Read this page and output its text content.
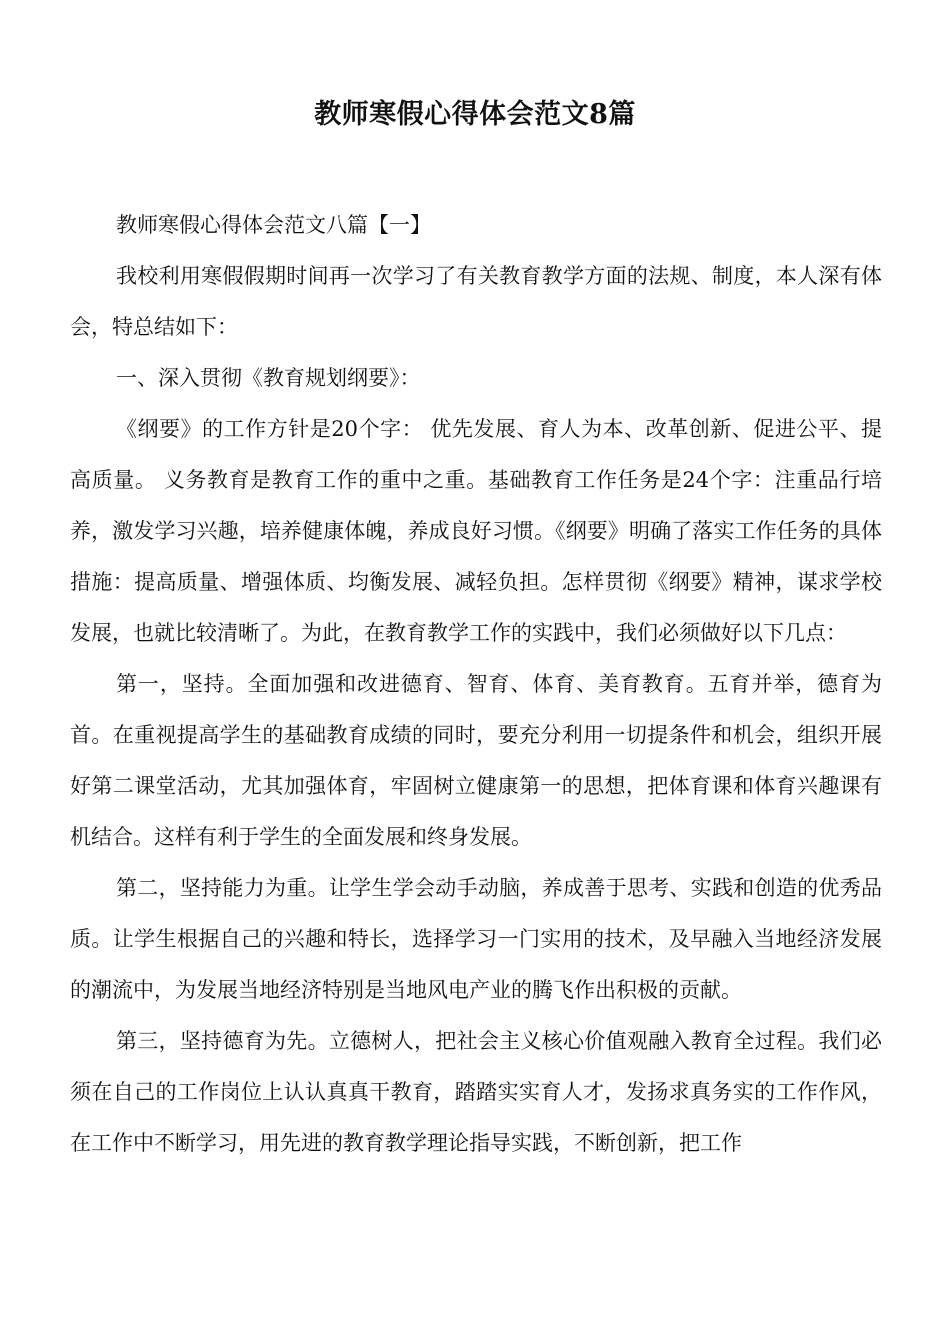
教师寒假心得体会范文8篇

教师寒假心得体会范文八篇【一】

我校利用寒假假期时间再一次学习了有关教育教学方面的法规、制度，本人深有体会，特总结如下：

一、深入贯彻《教育规划纲要》：

《纲要》的工作方针是20个字： 优先发展、育人为本、改革创新、促进公平、提高质量。 义务教育是教育工作的重中之重。基础教育工作任务是24个字：注重品行培养，激发学习兴趣，培养健康体魄，养成良好习惯。《纲要》明确了落实工作任务的具体措施：提高质量、增强体质、均衡发展、减轻负担。怎样贯彻《纲要》精神，谋求学校发展，也就比较清晰了。为此，在教育教学工作的实践中，我们必须做好以下几点：

第一，坚持。全面加强和改进德育、智育、体育、美育教育。五育并举，德育为首。在重视提高学生的基础教育成绩的同时，要充分利用一切提条件和机会，组织开展好第二课堂活动，尤其加强体育，牢固树立健康第一的思想，把体育课和体育兴趣课有机结合。这样有利于学生的全面发展和终身发展。

第二，坚持能力为重。让学生学会动手动脑，养成善于思考、实践和创造的优秀品质。让学生根据自己的兴趣和特长，选择学习一门实用的技术，及早融入当地经济发展的潮流中，为发展当地经济特别是当地风电产业的腾飞作出积极的贡献。

第三，坚持德育为先。立德树人，把社会主义核心价值观融入教育全过程。我们必须在自己的工作岗位上认认真真干教育，踏踏实实育人才，发扬求真务实的工作作风，在工作中不断学习，用先进的教育教学理论指导实践，不断创新，把工作
